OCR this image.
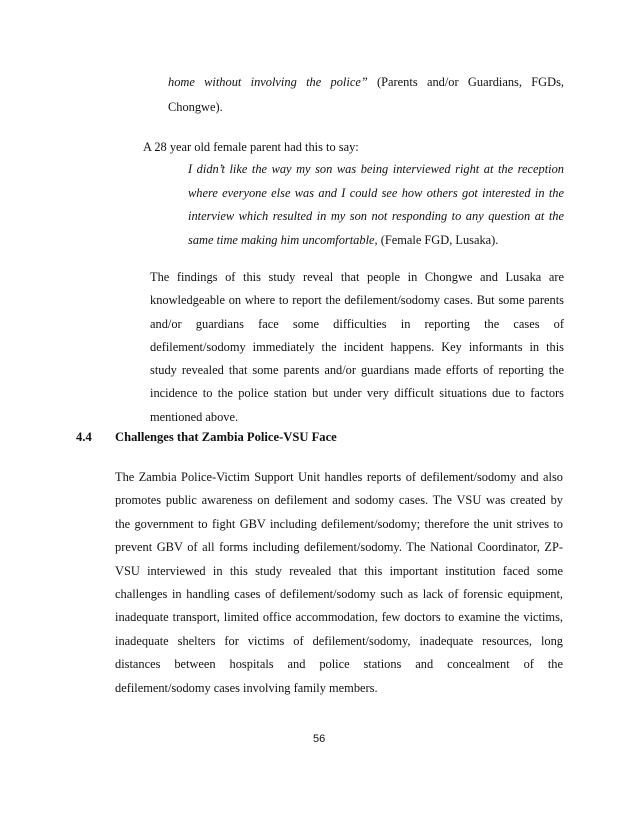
home without involving the police” (Parents and/or Guardians, FGDs,
Chongwe).
A 28 year old female parent had this to say:
I didn’t like the way my son was being interviewed right at the reception
where everyone else was and I could see how others got interested in the
interview which resulted in my son not responding to any question at the
same time making him uncomfortable, (Female FGD, Lusaka).
The findings of this study reveal that people in Chongwe and Lusaka are
knowledgeable on where to report the defilement/sodomy cases. But some parents
and/or guardians face some difficulties in reporting the cases of
defilement/sodomy immediately the incident happens. Key informants in this
study revealed that some parents and/or guardians made efforts of reporting the
incidence to the police station but under very difficult situations due to factors
mentioned above.
4.4 Challenges that Zambia Police-VSU Face
The Zambia Police-Victim Support Unit handles reports of defilement/sodomy and also
promotes public awareness on defilement and sodomy cases. The VSU was created by
the government to fight GBV including defilement/sodomy; therefore the unit strives to
prevent GBV of all forms including defilement/sodomy. The National Coordinator, ZP-
VSU interviewed in this study revealed that this important institution faced some
challenges in handling cases of defilement/sodomy such as lack of forensic equipment,
inadequate transport, limited office accommodation, few doctors to examine the victims,
inadequate shelters for victims of defilement/sodomy, inadequate resources, long
distances between hospitals and police stations and concealment of the
defilement/sodomy cases involving family members.
56
